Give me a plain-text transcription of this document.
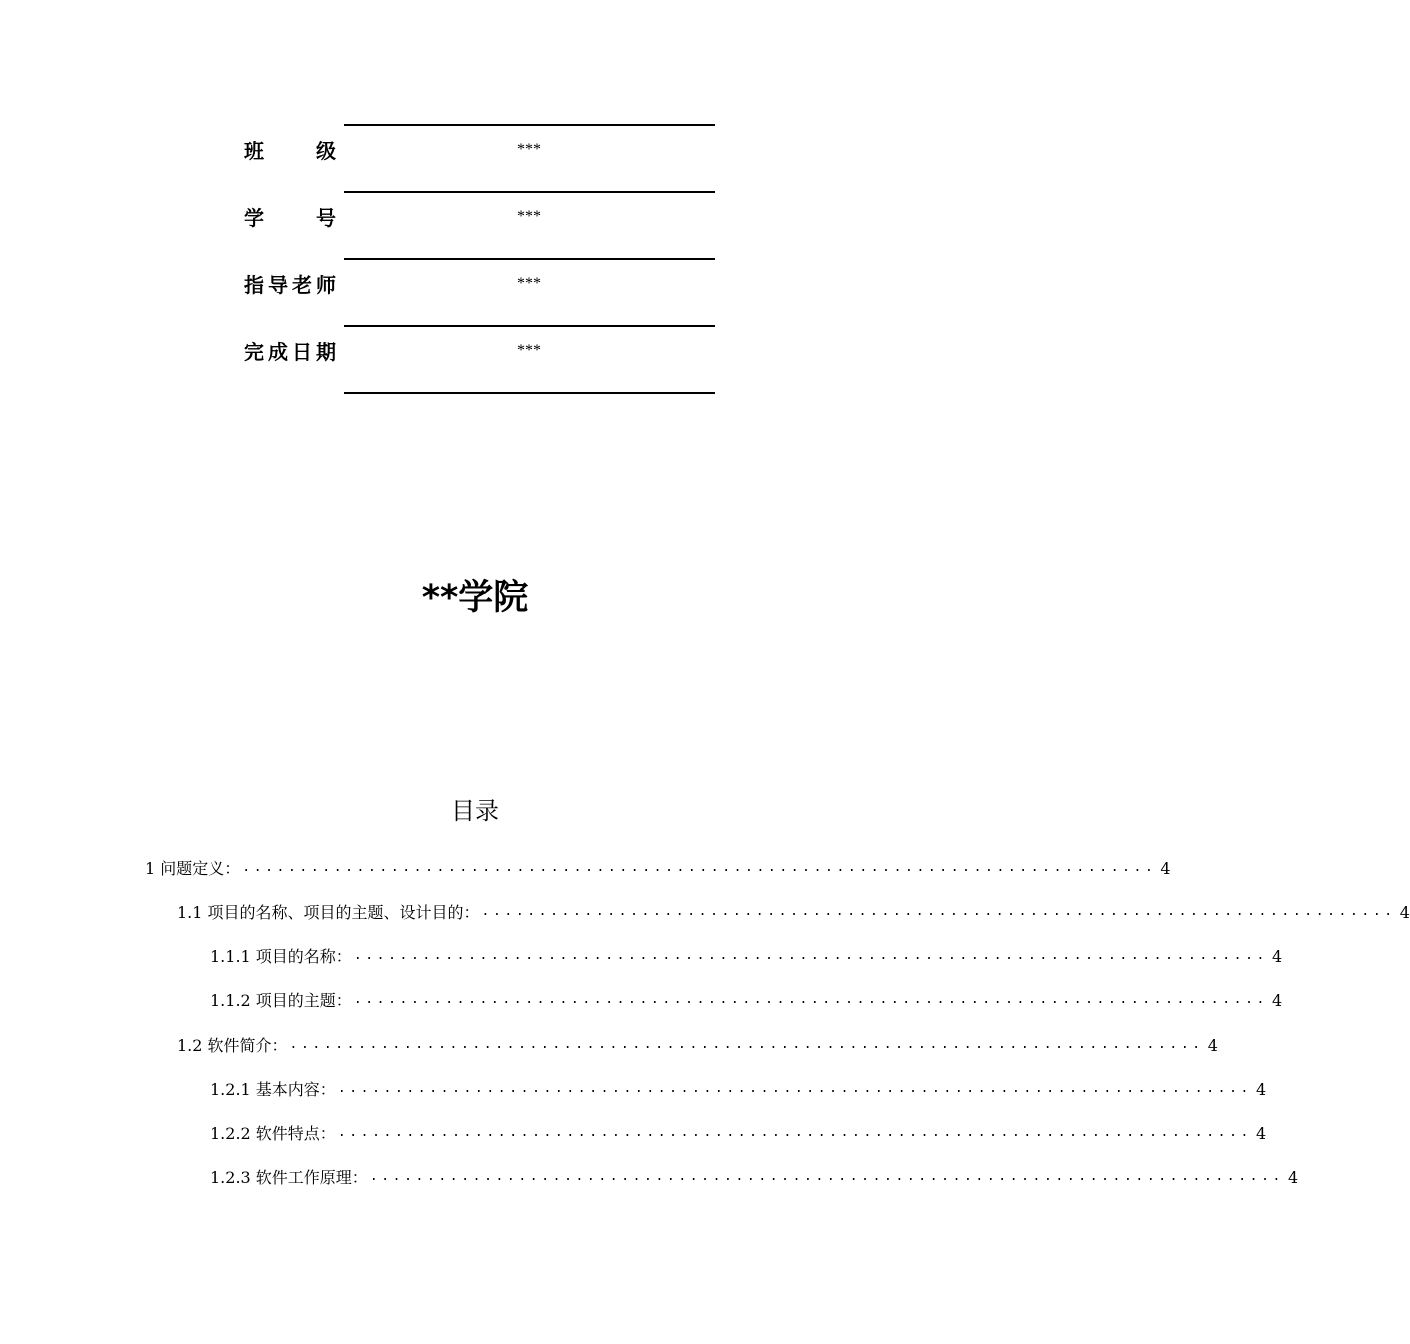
班级	***
学号	***
指导老师	***
完成日期	***
**学院
目录
1 问题定义： ................................................................................ 4
1.1 项目的名称、项目的主题、设计目的： ................................................................................ 4
1.1.1 项目的名称： ................................................................................ 4
1.1.2 项目的主题： ................................................................................ 4
1.2 软件简介： ................................................................................ 4
1.2.1 基本内容： ................................................................................ 4
1.2.2 软件特点： ................................................................................ 4
1.2.3 软件工作原理： ................................................................................ 4
